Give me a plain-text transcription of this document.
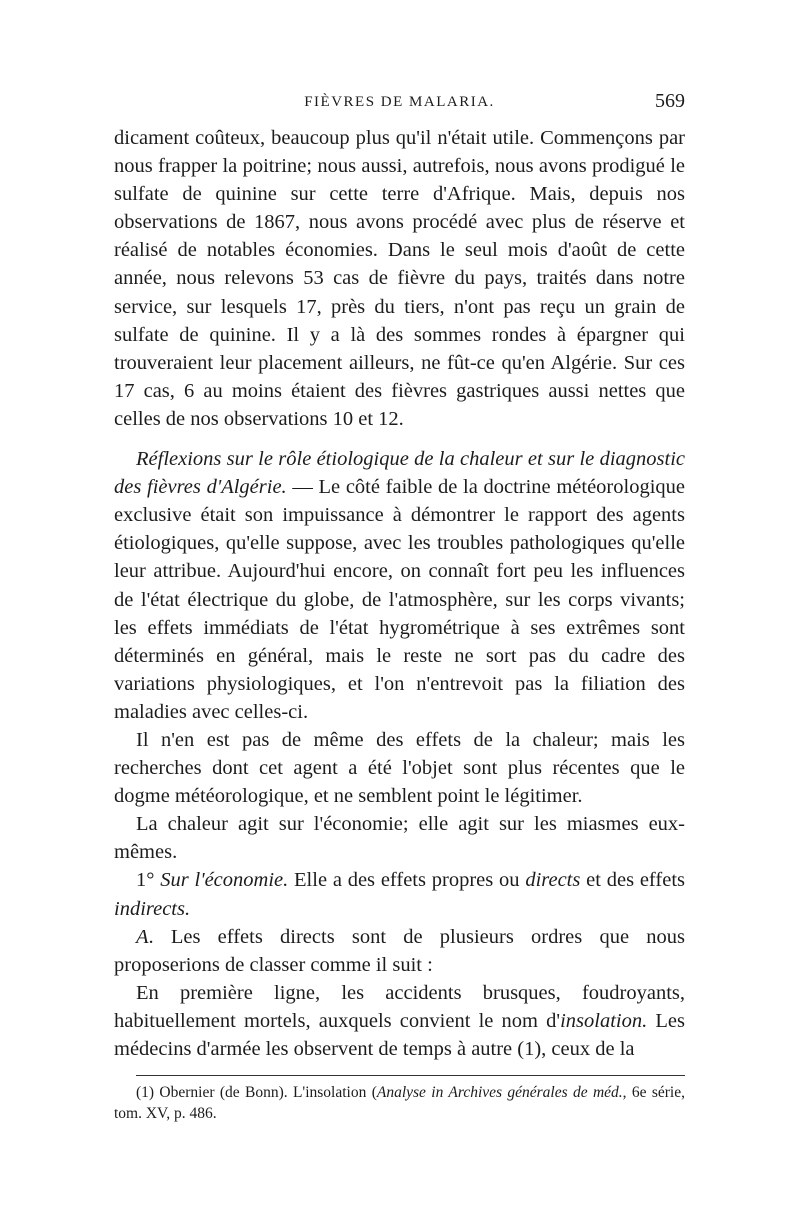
FIÈVRES DE MALARIA.	569

dicament coûteux, beaucoup plus qu'il n'était utile. Commençons par nous frapper la poitrine; nous aussi, autrefois, nous avons prodigué le sulfate de quinine sur cette terre d'Afrique. Mais, depuis nos observations de 1867, nous avons procédé avec plus de réserve et réalisé de notables économies. Dans le seul mois d'août de cette année, nous relevons 53 cas de fièvre du pays, traités dans notre service, sur lesquels 17, près du tiers, n'ont pas reçu un grain de sulfate de quinine. Il y a là des sommes rondes à épargner qui trouveraient leur placement ailleurs, ne fût-ce qu'en Algérie. Sur ces 17 cas, 6 au moins étaient des fièvres gastriques aussi nettes que celles de nos observations 10 et 12.

Réflexions sur le rôle étiologique de la chaleur et sur le diagnostic des fièvres d'Algérie. — Le côté faible de la doctrine météorologique exclusive était son impuissance à démontrer le rapport des agents étiologiques, qu'elle suppose, avec les troubles pathologiques qu'elle leur attribue. Aujourd'hui encore, on connaît fort peu les influences de l'état électrique du globe, de l'atmosphère, sur les corps vivants; les effets immédiats de l'état hygrométrique à ses extrêmes sont déterminés en général, mais le reste ne sort pas du cadre des variations physiologiques, et l'on n'entrevoit pas la filiation des maladies avec celles-ci.

Il n'en est pas de même des effets de la chaleur; mais les recherches dont cet agent a été l'objet sont plus récentes que le dogme météorologique, et ne semblent point le légitimer.

La chaleur agit sur l'économie; elle agit sur les miasmes eux-mêmes.

1° Sur l'économie. Elle a des effets propres ou directs et des effets indirects.

A. Les effets directs sont de plusieurs ordres que nous proposerions de classer comme il suit :

En première ligne, les accidents brusques, foudroyants, habituellement mortels, auxquels convient le nom d'insolation. Les médecins d'armée les observent de temps à autre (1), ceux de la

(1) Obernier (de Bonn). L'insolation (Analyse in Archives générales de méd., 6e série, tom. XV, p. 486.
